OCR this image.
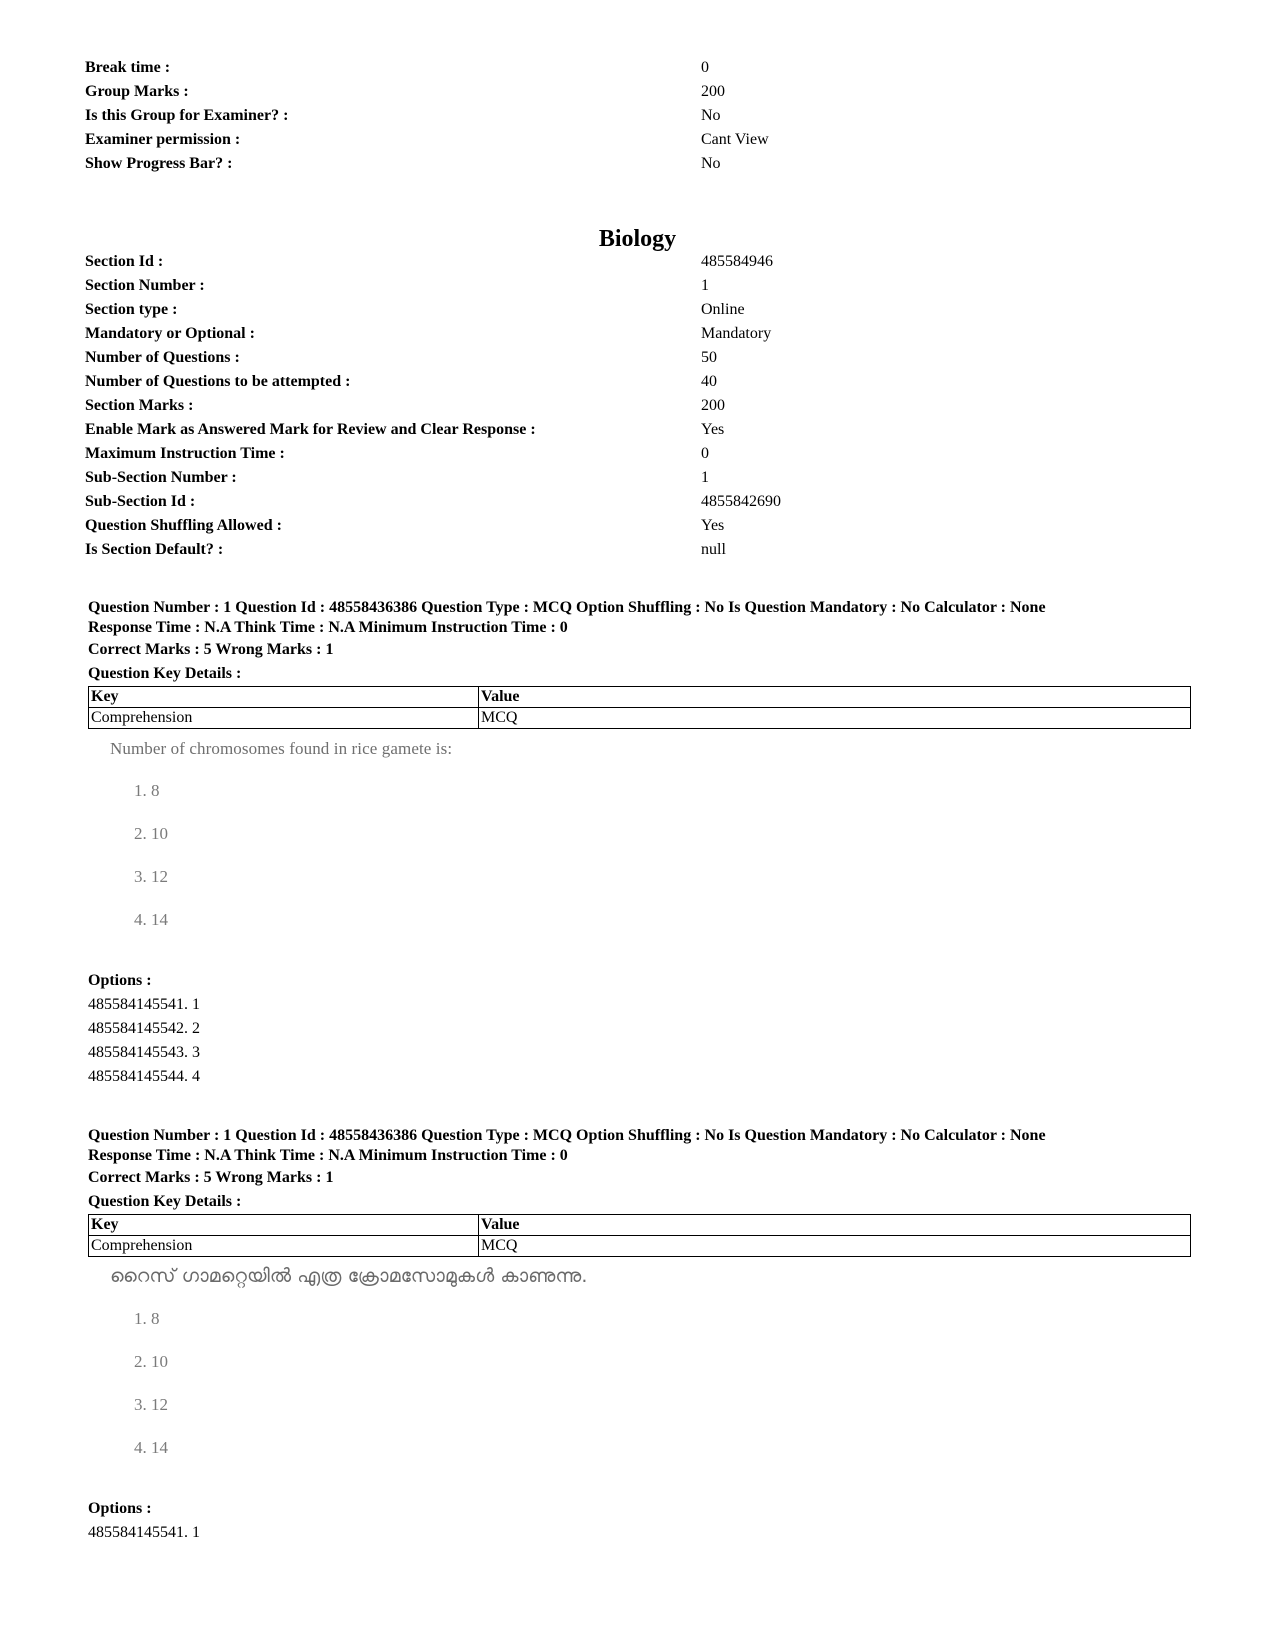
Break time :	0
Group Marks :	200
Is this Group for Examiner? :	No
Examiner permission :	Cant View
Show Progress Bar? :	No
Biology
Section Id :	485584946
Section Number :	1
Section type :	Online
Mandatory or Optional :	Mandatory
Number of Questions :	50
Number of Questions to be attempted :	40
Section Marks :	200
Enable Mark as Answered Mark for Review and Clear Response :	Yes
Maximum Instruction Time :	0
Sub-Section Number :	1
Sub-Section Id :	4855842690
Question Shuffling Allowed :	Yes
Is Section Default? :	null
Question Number : 1 Question Id : 48558436386 Question Type : MCQ Option Shuffling : No Is Question Mandatory : No Calculator : None
Response Time : N.A Think Time : N.A Minimum Instruction Time : 0
Correct Marks : 5 Wrong Marks : 1
Question Key Details :
Key	Value
Comprehension	MCQ
Number of chromosomes found in rice gamete is:
1. 8
2. 10
3. 12
4. 14
Options :
485584145541. 1
485584145542. 2
485584145543. 3
485584145544. 4
Question Number : 1 Question Id : 48558436386 Question Type : MCQ Option Shuffling : No Is Question Mandatory : No Calculator : None
Response Time : N.A Think Time : N.A Minimum Instruction Time : 0
Correct Marks : 5 Wrong Marks : 1
Question Key Details :
Key	Value
Comprehension	MCQ
റൈസ് ഗാമറ്റെയിൽ എത്ര ക്രോമസോമുകൾ കാണുന്നു.
1. 8
2. 10
3. 12
4. 14
Options :
485584145541. 1
